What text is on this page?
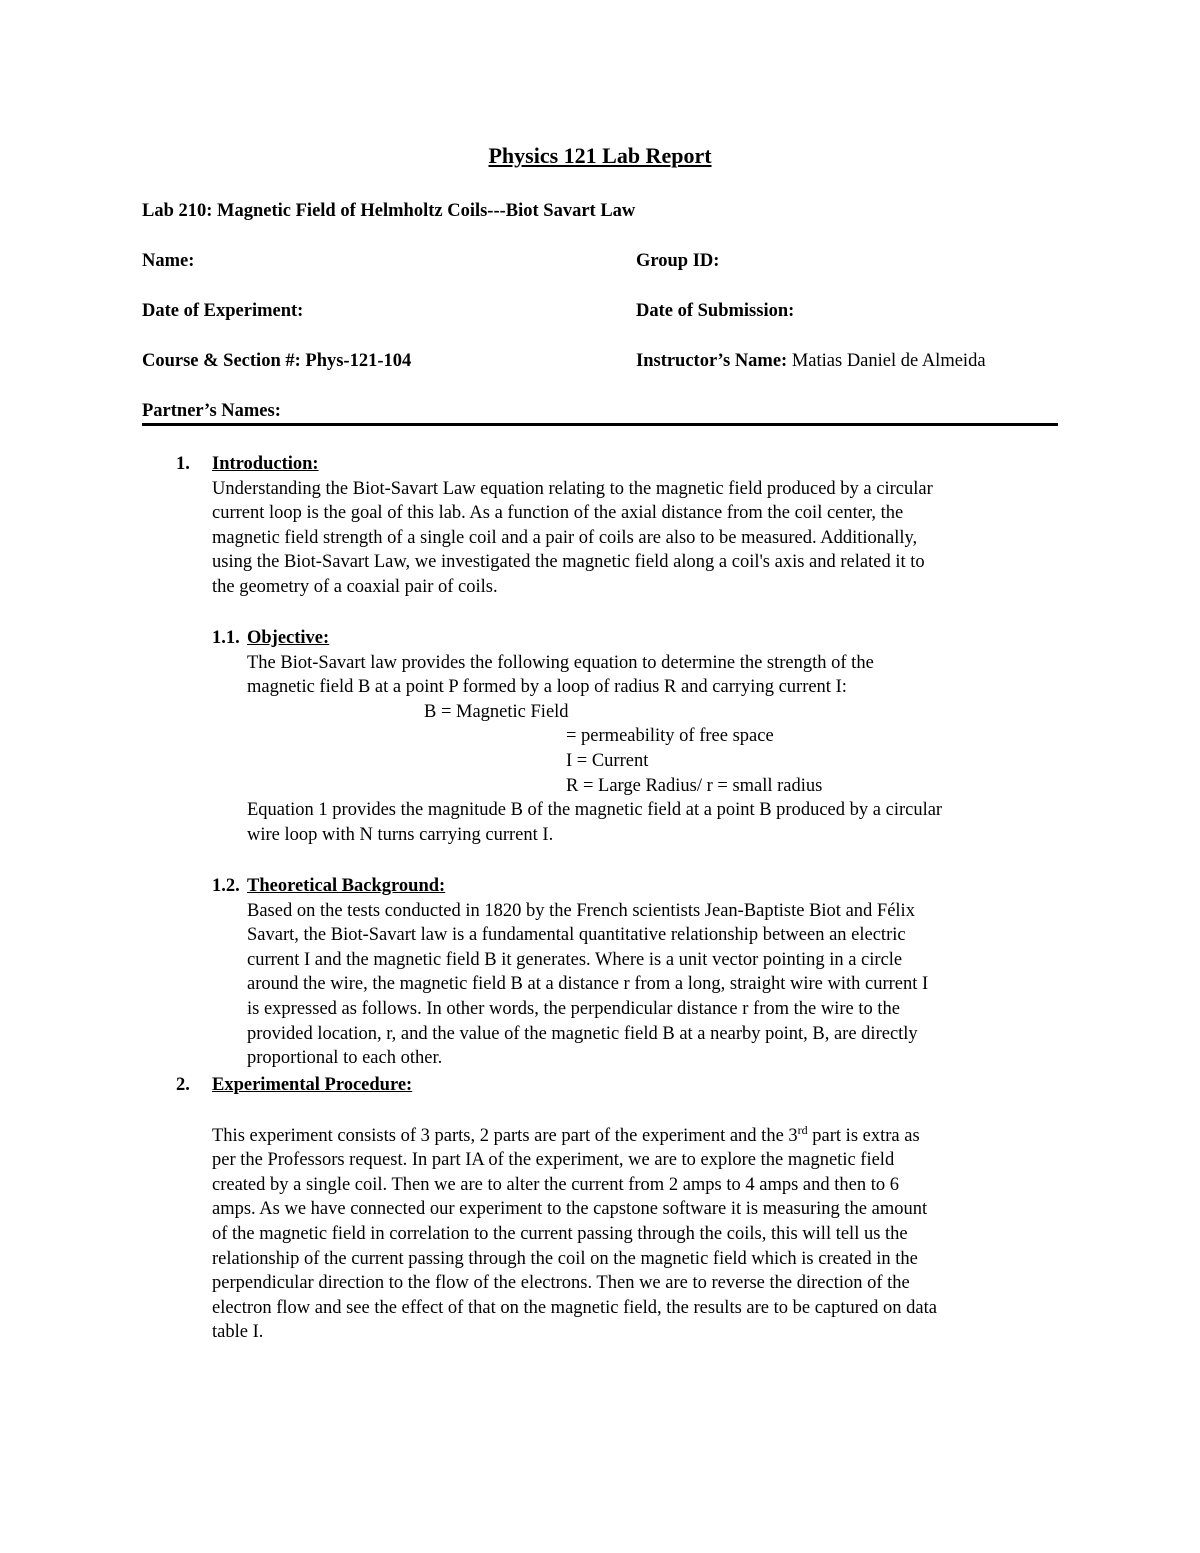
Physics 121 Lab Report
Lab 210: Magnetic Field of Helmholtz Coils---Biot Savart Law
Name:	Group ID:
Date of Experiment:	Date of Submission:
Course & Section #: Phys-121-104	Instructor’s Name: Matias Daniel de Almeida
Partner’s Names:
1. Introduction:

Understanding the Biot-Savart Law equation relating to the magnetic field produced by a circular

current loop is the goal of this lab. As a function of the axial distance from the coil center, the

magnetic field strength of a single coil and a pair of coils are also to be measured. Additionally,

using the Biot-Savart Law, we investigated the magnetic field along a coil's axis and related it to

the geometry of a coaxial pair of coils.

1.1. Objective:

The Biot-Savart law provides the following equation to determine the strength of the

magnetic field B at a point P formed by a loop of radius R and carrying current I:

B = Magnetic Field

= permeability of free space

I = Current

R = Large Radius/ r = small radius

Equation 1 provides the magnitude B of the magnetic field at a point B produced by a circular

wire loop with N turns carrying current I.

1.2. Theoretical Background:

Based on the tests conducted in 1820 by the French scientists Jean-Baptiste Biot and Félix

Savart, the Biot-Savart law is a fundamental quantitative relationship between an electric

current I and the magnetic field B it generates. Where is a unit vector pointing in a circle

around the wire, the magnetic field B at a distance r from a long, straight wire with current I

is expressed as follows. In other words, the perpendicular distance r from the wire to the

provided location, r, and the value of the magnetic field B at a nearby point, B, are directly

proportional to each other.

2. Experimental Procedure:

This experiment consists of 3 parts, 2 parts are part of the experiment and the 3rd part is extra as

per the Professors request. In part IA of the experiment, we are to explore the magnetic field

created by a single coil. Then we are to alter the current from 2 amps to 4 amps and then to 6

amps. As we have connected our experiment to the capstone software it is measuring the amount

of the magnetic field in correlation to the current passing through the coils, this will tell us the

relationship of the current passing through the coil on the magnetic field which is created in the

perpendicular direction to the flow of the electrons. Then we are to reverse the direction of the

electron flow and see the effect of that on the magnetic field, the results are to be captured on data

table I.
